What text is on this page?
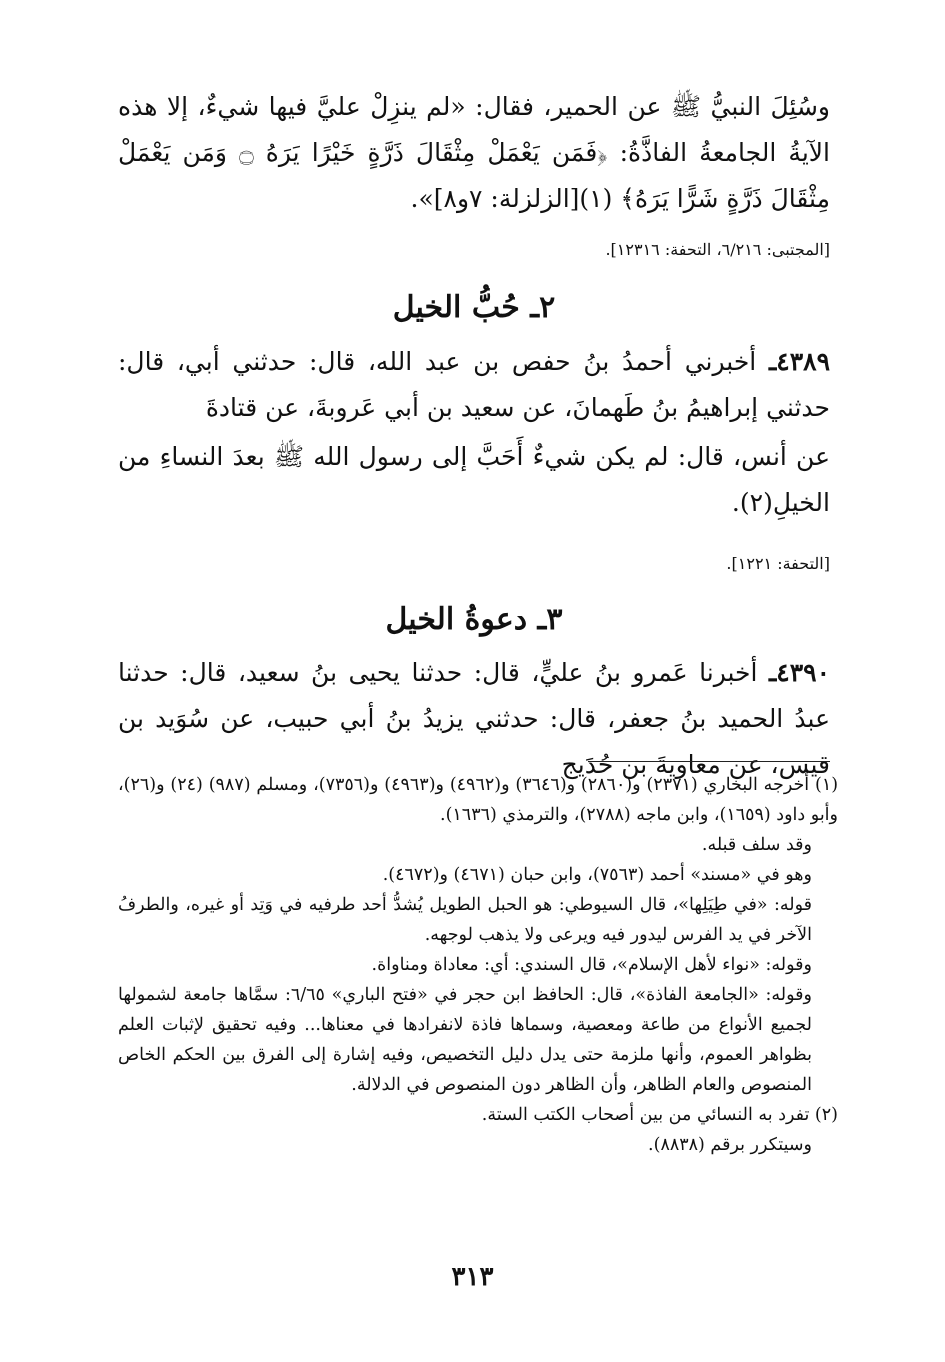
وسُئِلَ النبيُّ ﷺ عن الحمير، فقال: «لم ينزِلْ عليَّ فيها شيءٌ، إلا هذه الآيةُ الجامعةُ الفاذَّةُ: ﴿فَمَن يَعْمَلْ مِثْقَالَ ذَرَّةٍ خَيْرًا يَرَهُ ۝ وَمَن يَعْمَلْ مِثْقَالَ ذَرَّةٍ شَرًّا يَرَهُ﴾ (١)[الزلزلة: ٧و٨]».
[المجتبى: ٦/٢١٦، التحفة: ١٢٣١٦].
٢ـ حُبُّ الخيل
٤٣٨٩ـ أخبرني أحمدُ بنُ حفص بن عبد الله، قال: حدثني أبي، قال: حدثني إبراهيمُ بنُ طَهمانَ، عن سعيد بن أبي عَروبةَ، عن قتادةَ
عن أنس، قال: لم يكن شيءٌ أَحَبَّ إلى رسول الله ﷺ بعدَ النساءِ من الخيلِ(٢).
[التحفة: ١٢٢١].
٣ـ دعوةُ الخيل
٤٣٩٠ـ أخبرنا عَمرو بنُ عليٍّ، قال: حدثنا يحيى بنُ سعيد، قال: حدثنا عبدُ الحميد بنُ جعفر، قال: حدثني يزيدُ بنُ أبي حبيب، عن سُوَيد بن قيس، عن معاويةَ بن حُدَيج

(١) أخرجه البخاري (٢٣٧١) و(٢٨٦٠) و(٣٦٤٦) و(٤٩٦٢) و(٤٩٦٣) و(٧٣٥٦)، ومسلم (٩٨٧) (٢٤) و(٢٦)، وأبو داود (١٦٥٩)، وابن ماجه (٢٧٨٨)، والترمذي (١٦٣٦).

وقد سلف قبله.

وهو في «مسند» أحمد (٧٥٦٣)، وابن حبان (٤٦٧١) و(٤٦٧٢).

قوله: «في طِيَلِها»، قال السيوطي: هو الحبل الطويل يُشدُّ أحد طرفيه في وَتِد أو غيره، والطرفُ الآخر في يد الفرس ليدور فيه ويرعى ولا يذهب لوجهه.

وقوله: «نواء لأهل الإسلام»، قال السندي: أي: معاداة ومناواة.

وقوله: «الجامعة الفاذة»، قال: الحافظ ابن حجر في «فتح الباري» ٦/٦٥: سمَّاها جامعة لشمولها لجميع الأنواع من طاعة ومعصية، وسماها فاذة لانفرادها في معناها... وفيه تحقيق لإثبات العلم بظواهر العموم، وأنها ملزمة حتى يدل دليل التخصيص، وفيه إشارة إلى الفرق بين الحكم الخاص المنصوص والعام الظاهر، وأن الظاهر دون المنصوص في الدلالة.

(٢) تفرد به النسائي من بين أصحاب الكتب الستة.

وسيتكرر برقم (٨٨٣٨).

٣١٣
